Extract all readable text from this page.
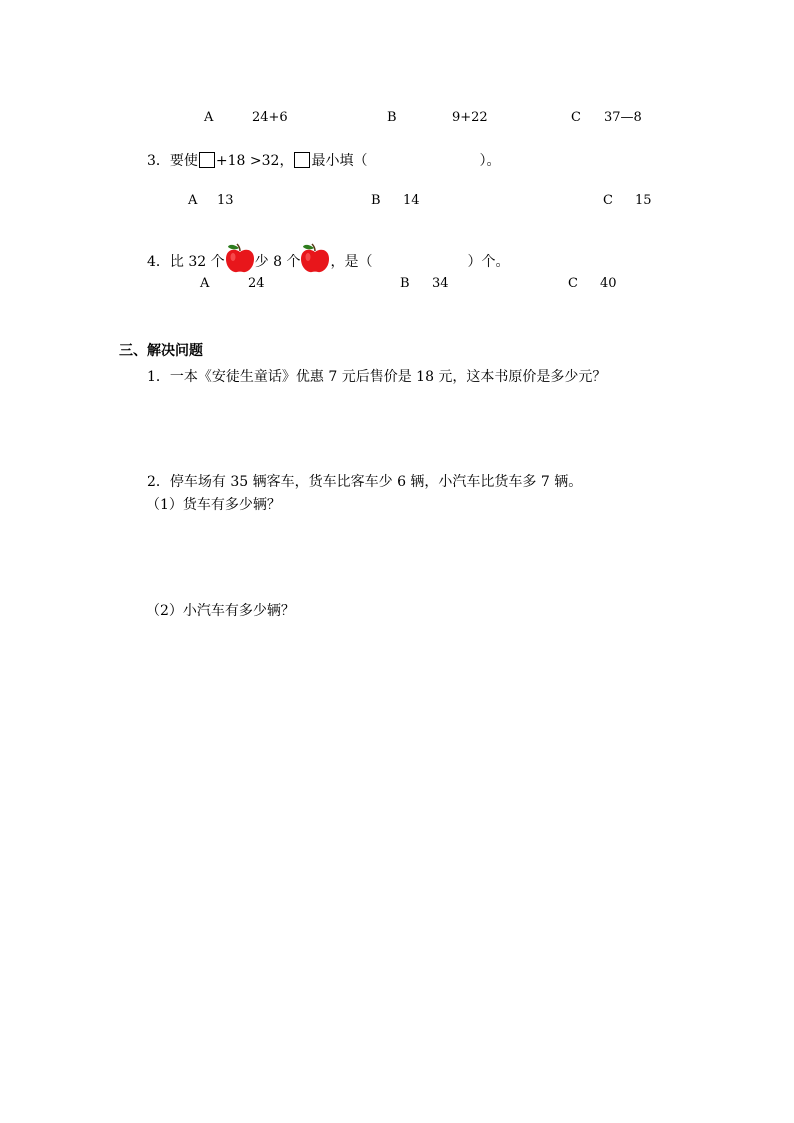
A	24+6	B	9+22	C 37—8
3．要使 +18 >32， 最小填（	）。
A 13	B 14	C 15
4．比 32 个 少 8 个 ，是（	）个。
A	24	B 34	C 40
三、解决问题
1．一本《安徒生童话》优惠 7 元后售价是 18 元，这本书原价是多少元？
2．停车场有 35 辆客车，货车比客车少 6 辆，小汽车比货车多 7 辆。
（1）货车有多少辆？
（2）小汽车有多少辆？
